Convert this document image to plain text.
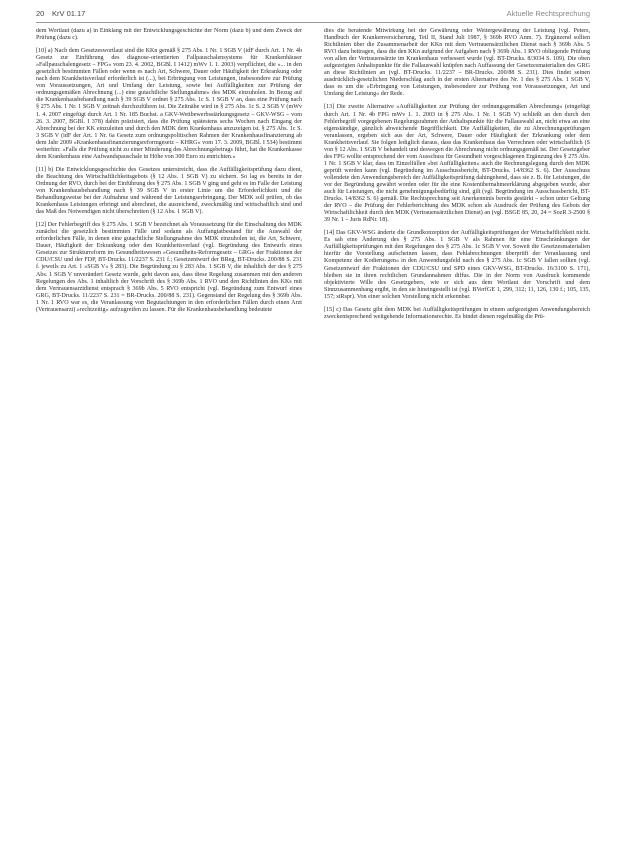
20 KrV 01.17	Aktuelle Rechtsprechung

dem Wortlaut (dazu a) in Einklang mit der Entwicklungsgeschichte der Norm (dazu b) und dem Zweck der Prüfung (dazu c).

[10] a) Nach dem Gesetzeswortlaut sind die KKn gemäß § 275 Abs. 1 Nr. 1 SGB V (idF durch Art. 1 Nr. 4b Gesetz zur Einführung des diagnose-orientierten Fallpauschalensystems für Krankenhäuser »Fallpauschalengesetz – FPG« vom 23. 4. 2002, BGBl. I 1412) mWv 1. 1. 2003) verpflichtet, die »... in den gesetzlich bestimmten Fällen oder wenn es nach Art, Schwere, Dauer oder Häufigkeit der Erkrankung oder nach dem Krankheitsverlauf erforderlich ist (...), bei Erbringung von Leistungen, insbesondere zur Prüfung von Voraussetzungen, Art und Umfang der Leistung, sowie bei Auffälligkeiten zur Prüfung der ordnungsgemäßen Abrechnung (...) eine gutachtliche Stellungnahme« des MDK einzuholen. In Bezug auf die Krankenhausbehandlung nach § 39 SGB V ordnet § 275 Abs. 1c S. 1 SGB V an, dass eine Prüfung nach § 275 Abs. 1 Nr. 1 SGB V zeitnah durchzuführen ist. Die Zeitnähe wird in § 275 Abs. 1c S. 2 SGB V (mWv 1. 4. 2007 eingefügt durch Art. 1 Nr. 185 Buchst. a GKV-Wettbewerbsstärkungsgesetz – GKV-WSG – vom 26. 3. 2007, BGBl. I 378) dahin präzisiert, dass die Prüfung spätestens sechs Wochen nach Eingang der Abrechnung bei der KK einzuleiten und durch den MDK dem Krankenhaus anzuzeigen ist. § 275 Abs. 1c S. 3 SGB V (idF der Art. 1 Nr. 6a Gesetz zum ordnungspolitischen Rahmen der Krankenhausfinanzierung ab dem Jahr 2009 »Krankenhausfinanzierungsreformgesetz – KHRG« vom 17. 3. 2009, BGBl. I 534) bestimmt weiterhin: »Falls die Prüfung nicht zu einer Minderung des Abrechnungsbetrags führt, hat die Krankenkasse dem Krankenhaus eine Aufwandspauschale in Höhe von 300 Euro zu entrichten.«

[11] b) Die Entwicklungsgeschichte des Gesetzes unterstreicht, dass die Auffälligkeitsprüfung dazu dient, die Beachtung des Wirtschaftlichkeitsgebots (§ 12 Abs. 1 SGB V) zu sichern. So lag es bereits in der Ordnung der RVO, durch bei der Einführung des § 275 Abs. 1 SGB V ging und geht es im Falle der Leistung von Krankenhausbehandlung nach § 39 SGB V in erster Linie um die Erforderlichkeit und die Behandlungsweise bei der Aufnahme und während der Leistungserbringung. Der MDK soll prüfen, ob das Krankenhaus Leistungen erbringt und abrechnet, die ausreichend, zweckmäßig und wirtschaftlich sind und das Maß des Notwendigen nicht überschreiten (§ 12 Abs. 1 SGB V).

[12] Der Fehlerbegriff des § 275 Abs. 1 SGB V bezeichnet als Voraussetzung für die Einschaltung des MDK zunächst die gesetzlich bestimmten Fälle und sodann als Auffangtatbestand für die Auswahl der erforderlichen Fälle, in denen eine gutachtliche Stellungnahme des MDK einzuholen ist, die Art, Schwere, Dauer, Häufigkeit der Erkrankung oder den Krankheitsverlauf (vgl. Begründung des Entwurfs eines Gesetzes zur Strukturreform im Gesundheitswesen »Gesundheits-Reformgesetz – GRG« der Fraktionen der CDU/CSU und der FDP, BT-Drucks. 11/2237 S. 231 f.; Gesetzentwurf der BReg, BT-Drucks. 200/88 S. 231 f. jeweils zu Art. 1 »SGB V« § 283). Die Begründung zu § 283 Abs. 1 SGB V, die inhaltlich der des § 275 Abs. 1 SGB V unverändert Gesetz wurde, geht davon aus, dass diese Regelung zusammen mit den anderen Regelungen des Abs. 1 inhaltlich der Vorschrift des § 369b Abs. 1 RVO und den Richtlinien des KKs mit dem Vertrauensarztdienst entsprach § 369b Abs. 5 RVO entspricht (vgl. Begründung zum Entwurf eines GRG, BT-Drucks. 11/2237 S. 231 = BR-Drucks. 200/88 S. 231). Gegenstand der Regelung des § 369b Abs. 1 Nr. 1 RVO war es, die Veranlassung von Begutachtungen in den erforderlichen Fällen durch einen Arzt (Vertrauensarzt) »rechtzeitig« aufzugreifen zu lassen. Für die Krankenhausbehandlung bedeutete

dies die beratende Mitwirkung bei der Gewährung oder Weitergewährung der Leistung (vgl. Peters, Handbuch der Krankenversicherung, Teil II, Stand Juli 1987, § 369b RVO Anm. 7). Ergänzend sollten Richtlinien über die Zusammenarbeit der KKn mit dem Vertrauensärztlichen Dienst nach § 369b Abs. 5 RVO dazu beitragen, dass die den KKn aufgrund der Aufgaben nach § 369b Abs. 1 RVO obliegende Prüfung von allen der Vertrauensärzte im Krankenhaus verbessert wurde (vgl. BT-Drucks. 8/3034 S. 109). Die oben aufgezeigten Anhaltspunkte für die Fallauswahl knüpfen nach Auffassung der Gesetzesmaterialien des GRG an diese Richtlinien an (vgl. BT-Drucks. 11/2237 – BR-Drucks. 200/88 S. 231). Dies findet seinen ausdrücklich-gesetzlichen Niederschlag auch in der ersten Alternative des Nr. 1 des § 275 Abs. 1 SGB V, dass es um die »Erbringung von Leistungen, insbesondere zur Prüfung von Voraussetzungen, Art und Umfang der Leistung« der Rede.

[13] Die zweite Alternative »Auffälligkeiten zur Prüfung der ordnungsgemäßen Abrechnung« (eingefügt durch Art. 1 Nr. 4b FPG mWv 1. 1. 2003 in § 275 Abs. 1 Nr. 1 SGB V) schließt an den durch den Fehlerbegriff vorgegebenen Regelungsrahmen der Anhaltspunkte für die Fallauswahl an, nicht etwa an eine eigenständige, gänzlich abweichende Begrifflichkeit. Die Auffälligkeiten, die zu Abrechnungsprüfungen veranlassen, ergeben sich aus der Art, Schwere, Dauer oder Häufigkeit der Erkrankung oder dem Krankheitsverlauf. Sie folgen lediglich daraus, dass das Krankenhaus das Verrechnen oder wirtschaftlich (S von § 12 Abs. 1 SGB V behandelt und deswegen die Abrechnung nicht ordnungsgemäß ist. Der Gesetzgeber des FPG wollte entsprechend der vom Ausschuss für Gesundheit vorgeschlagenen Ergänzung des § 275 Abs. 1 Nr. 1 SGB V klar, dass im Einzelfällen »bei Auffälligkeiten« auch die Rechnungslegung durch den MDK geprüft werden kann (vgl. Begründung im Ausschussbericht, BT-Drucks. 14/8362 S. 6). Der Ausschuss vollendete den Anwendungsbereich der Auffälligkeitsprüfung dahingehend, dass sie z. B. für Leistungen, die vor der Begründung gewährt worden oder für die eine Kostenübernahmeerklärung abgegeben wurde, aber auch für Leistungen, die nicht genehmigungsbedürftig sind, gilt (vgl. Begründung im Ausschussbericht, BT-Drucks. 14/8362 S. 6) gemäß. Die Rechtsprechung seit Anerkenntnis bereits gestärkt – schon unter Geltung der RVO – die Prüfung der Fehlerberichtung des MDK schon als Ausdruck der Prüfung des Gebots der Wirtschaftlichkeit durch den MDK (Vertrauensärztlichen Dienst) an (vgl. BSGE 85, 20, 24 = SozR 3-2500 § 39 Nr. 1 – Juris RdNr. 18).

[14] Das GKV-WSG änderte die Grundkonzeption der Auffälligkeitsprüfungen der Wirtschaftlichkeit nicht. Es sah eine Änderung des § 275 Abs. 1 SGB V als Rahmen für eine Einschränkungen der Auffälligkeitsprüfungen mit den Regelungen des § 275 Abs. 1c SGB V vor. Soweit die Gesetzesmaterialien hierfür die Vorstellung aufscheinen lassen, dass Fehlabrechnungen überprüft der Veranlassung und Kompetenz der Kodierungen« in den Anwendungsfeld nach des § 275 Abs. 1c SGB V fallen sollten (vgl. Gesetzentwurf der Fraktionen der CDU/CSU und SPD eines GKV-WSG, BT-Drucks. 16/3100 S. 171), bleiben sie in ihren rechtlichen Grundannahmen diffus. Die in der Norm von Ausdruck kommende objektivierte Wille des Gesetzgebers, wie er sich aus dem Wortlaut der Vorschrift und dem Sinnzusammenhang ergibt, in den sie hineingestellt ist (vgl. BVerfGE 1, 299, 312; 11, 126, 130 f.; 105, 135, 157; stRspr). Von einer solchen Vorstellung nicht erkennbar.

[15] c) Das Gesetz gibt dem MDK bei Auffälligkeitsprüfungen in einem aufgezeigten Anwendungsbereich zweckentsprechend weitgehende Informationsrechte. Es bindet diesen regelmäßig die Prü-
